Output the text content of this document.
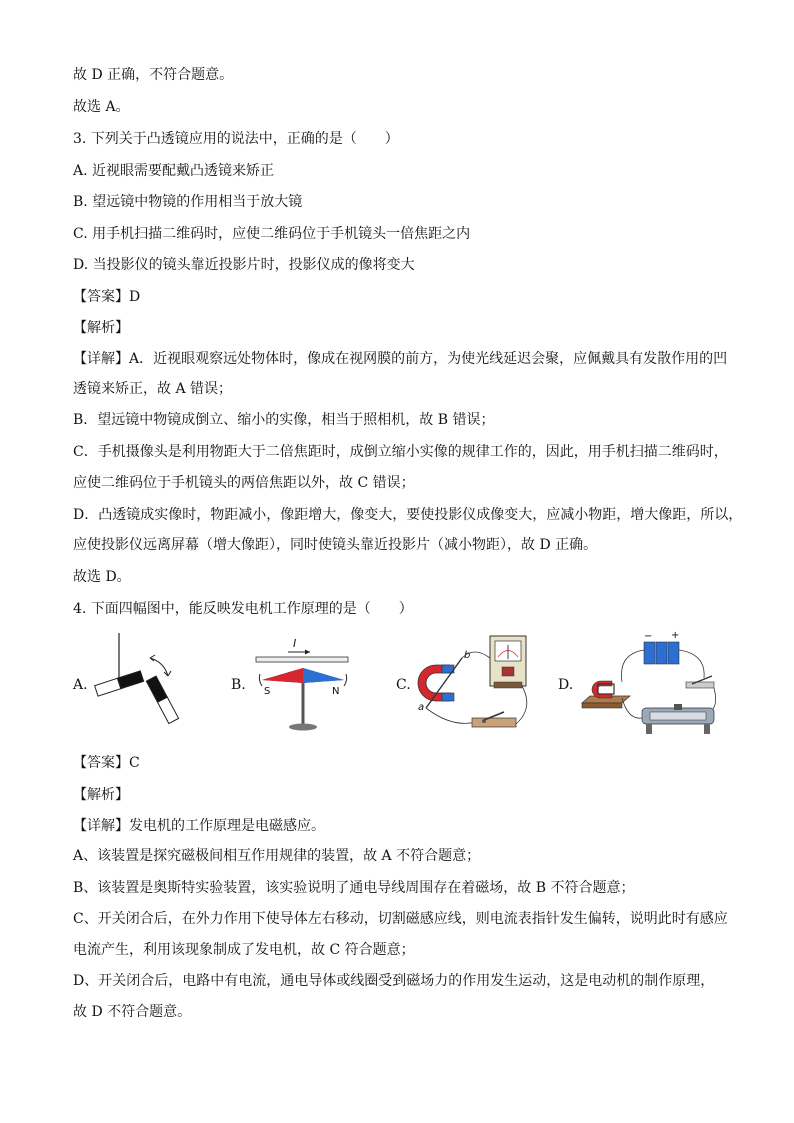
故 D 正确，不符合题意。
故选 A。
3. 下列关于凸透镜应用的说法中，正确的是（　　）
A. 近视眼需要配戴凸透镜来矫正
B. 望远镜中物镜的作用相当于放大镜
C. 用手机扫描二维码时，应使二维码位于手机镜头一倍焦距之内
D. 当投影仪的镜头靠近投影片时，投影仪成的像将变大
【答案】D
【解析】
【详解】A．近视眼观察远处物体时，像成在视网膜的前方，为使光线延迟会聚，应佩戴具有发散作用的凹
透镜来矫正，故 A 错误；
B．望远镜中物镜成倒立、缩小的实像，相当于照相机，故 B 错误；
C．手机摄像头是利用物距大于二倍焦距时，成倒立缩小实像的规律工作的，因此，用手机扫描二维码时，
应使二维码位于手机镜头的两倍焦距以外，故 C 错误；
D．凸透镜成实像时，物距减小，像距增大，像变大，要使投影仪成像变大，应减小物距，增大像距，所以，
应使投影仪远离屏幕（增大像距），同时使镜头靠近投影片（减小物距），故 D 正确。
故选 D。
4. 下面四幅图中，能反映发电机工作原理的是（　　）
A.	B.
I
S	N	C.
a
b
D.
− +
【答案】C
【解析】
【详解】发电机的工作原理是电磁感应。
A、该装置是探究磁极间相互作用规律的装置，故 A 不符合题意；
B、该装置是奥斯特实验装置，该实验说明了通电导线周围存在着磁场，故 B 不符合题意；
C、开关闭合后，在外力作用下使导体左右移动，切割磁感应线，则电流表指针发生偏转，说明此时有感应
电流产生，利用该现象制成了发电机，故 C 符合题意；
D、开关闭合后，电路中有电流，通电导体或线圈受到磁场力的作用发生运动，这是电动机的制作原理，
故 D 不符合题意。
